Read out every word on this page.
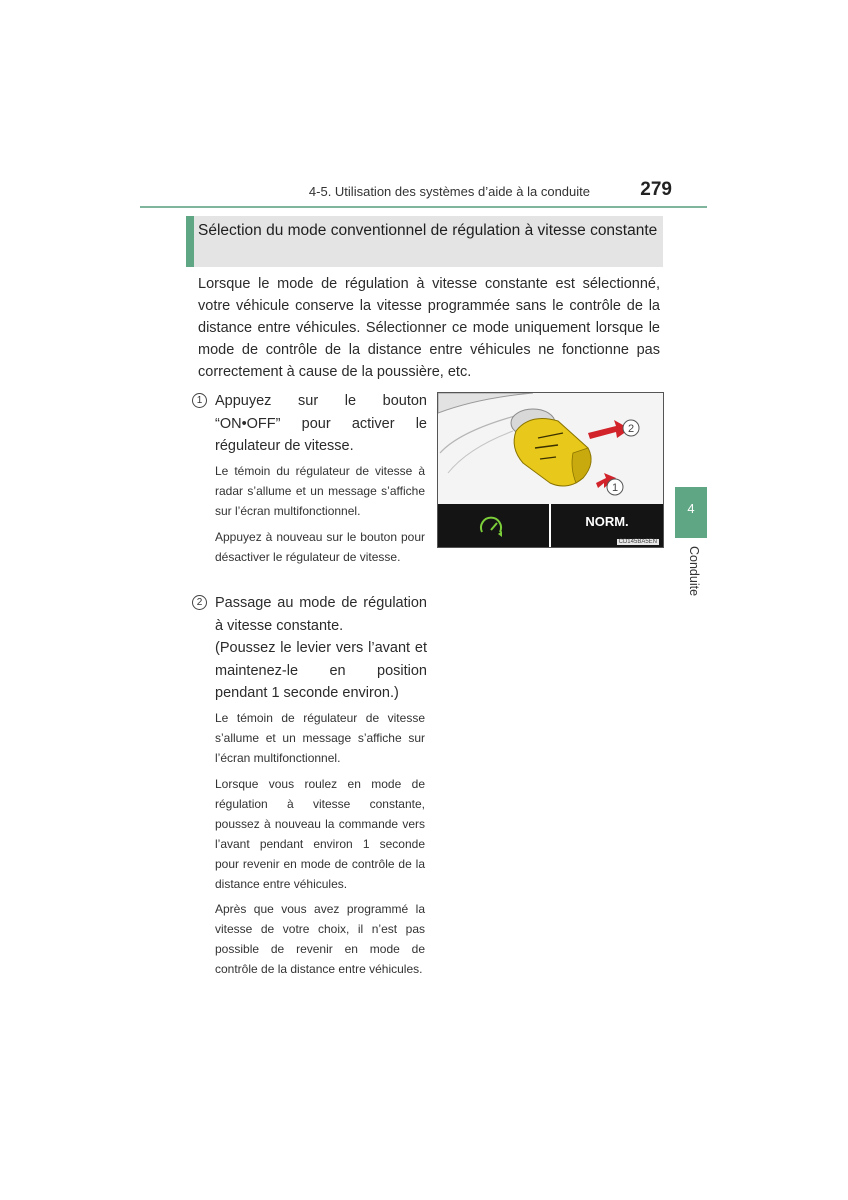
4-5. Utilisation des systèmes d’aide à la conduite	279
Sélection du mode conventionnel de régulation à vitesse constante

Lorsque le mode de régulation à vitesse constante est sélectionné, votre véhicule conserve la vitesse programmée sans le contrôle de la distance entre véhicules. Sélectionner ce mode uniquement lorsque le mode de contrôle de la distance entre véhicules ne fonctionne pas correctement à cause de la poussière, etc.

1 Appuyez sur le bouton “ON•OFF” pour activer le régulateur de vitesse.

Le témoin du régulateur de vitesse à radar s’allume et un message s’affiche sur l’écran multifonctionnel.

Appuyez à nouveau sur le bouton pour désactiver le régulateur de vitesse.

2 Passage au mode de régulation à vitesse constante.

(Poussez le levier vers l’avant et maintenez-le en position pendant 1 seconde environ.)

Le témoin de régulateur de vitesse s’allume et un message s’affiche sur l’écran multifonctionnel.

Lorsque vous roulez en mode de régulation à vitesse constante, poussez à nouveau la commande vers l’avant pendant environ 1 seconde pour revenir en mode de contrôle de la distance entre véhicules.

Après que vous avez programmé la vitesse de votre choix, il n’est pas possible de revenir en mode de contrôle de la distance entre véhicules.

2
1
NORM.
CD145BA5EN
4
Conduite
